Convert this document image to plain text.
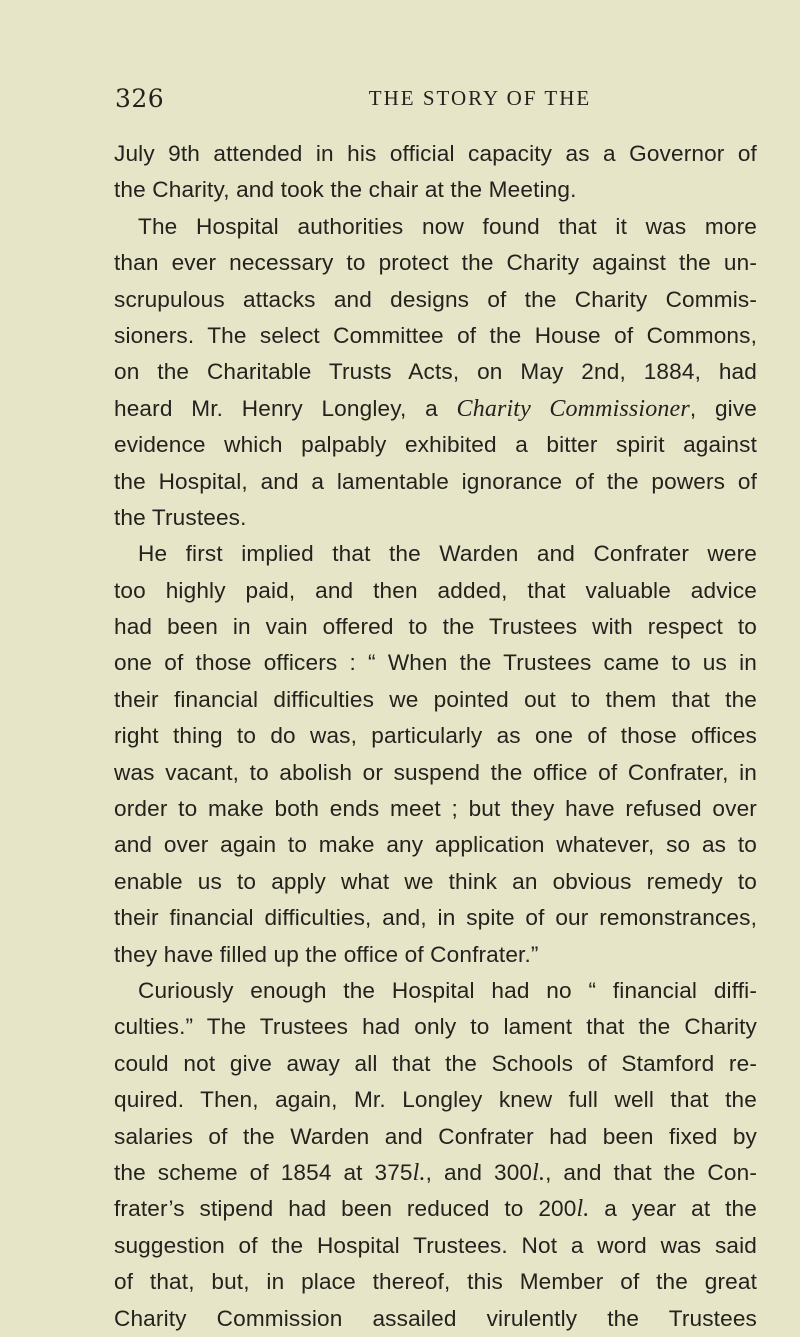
326	THE STORY OF THE
July 9th attended in his official capacity as a Governor of
the Charity, and took the chair at the Meeting.
The Hospital authorities now found that it was more
than ever necessary to protect the Charity against the un-
scrupulous attacks and designs of the Charity Commis-
sioners. The select Committee of the House of Commons,
on the Charitable Trusts Acts, on May 2nd, 1884, had
heard Mr. Henry Longley, a Charity Commissioner, give
evidence which palpably exhibited a bitter spirit against
the Hospital, and a lamentable ignorance of the powers of
the Trustees.
He first implied that the Warden and Confrater were
too highly paid, and then added, that valuable advice
had been in vain offered to the Trustees with respect to
one of those officers : “ When the Trustees came to us in
their financial difficulties we pointed out to them that the
right thing to do was, particularly as one of those offices
was vacant, to abolish or suspend the office of Confrater, in
order to make both ends meet ; but they have refused over
and over again to make any application whatever, so as to
enable us to apply what we think an obvious remedy to
their financial difficulties, and, in spite of our remonstrances,
they have filled up the office of Confrater.”
Curiously enough the Hospital had no “ financial diffi-
culties.” The Trustees had only to lament that the Charity
could not give away all that the Schools of Stamford re-
quired. Then, again, Mr. Longley knew full well that the
salaries of the Warden and Confrater had been fixed by
the scheme of 1854 at 375l., and 300l., and that the Con-
frater’s stipend had been reduced to 200l. a year at the
suggestion of the Hospital Trustees. Not a word was said
of that, but, in place thereof, this Member of the great
Charity Commission assailed virulently the Trustees
